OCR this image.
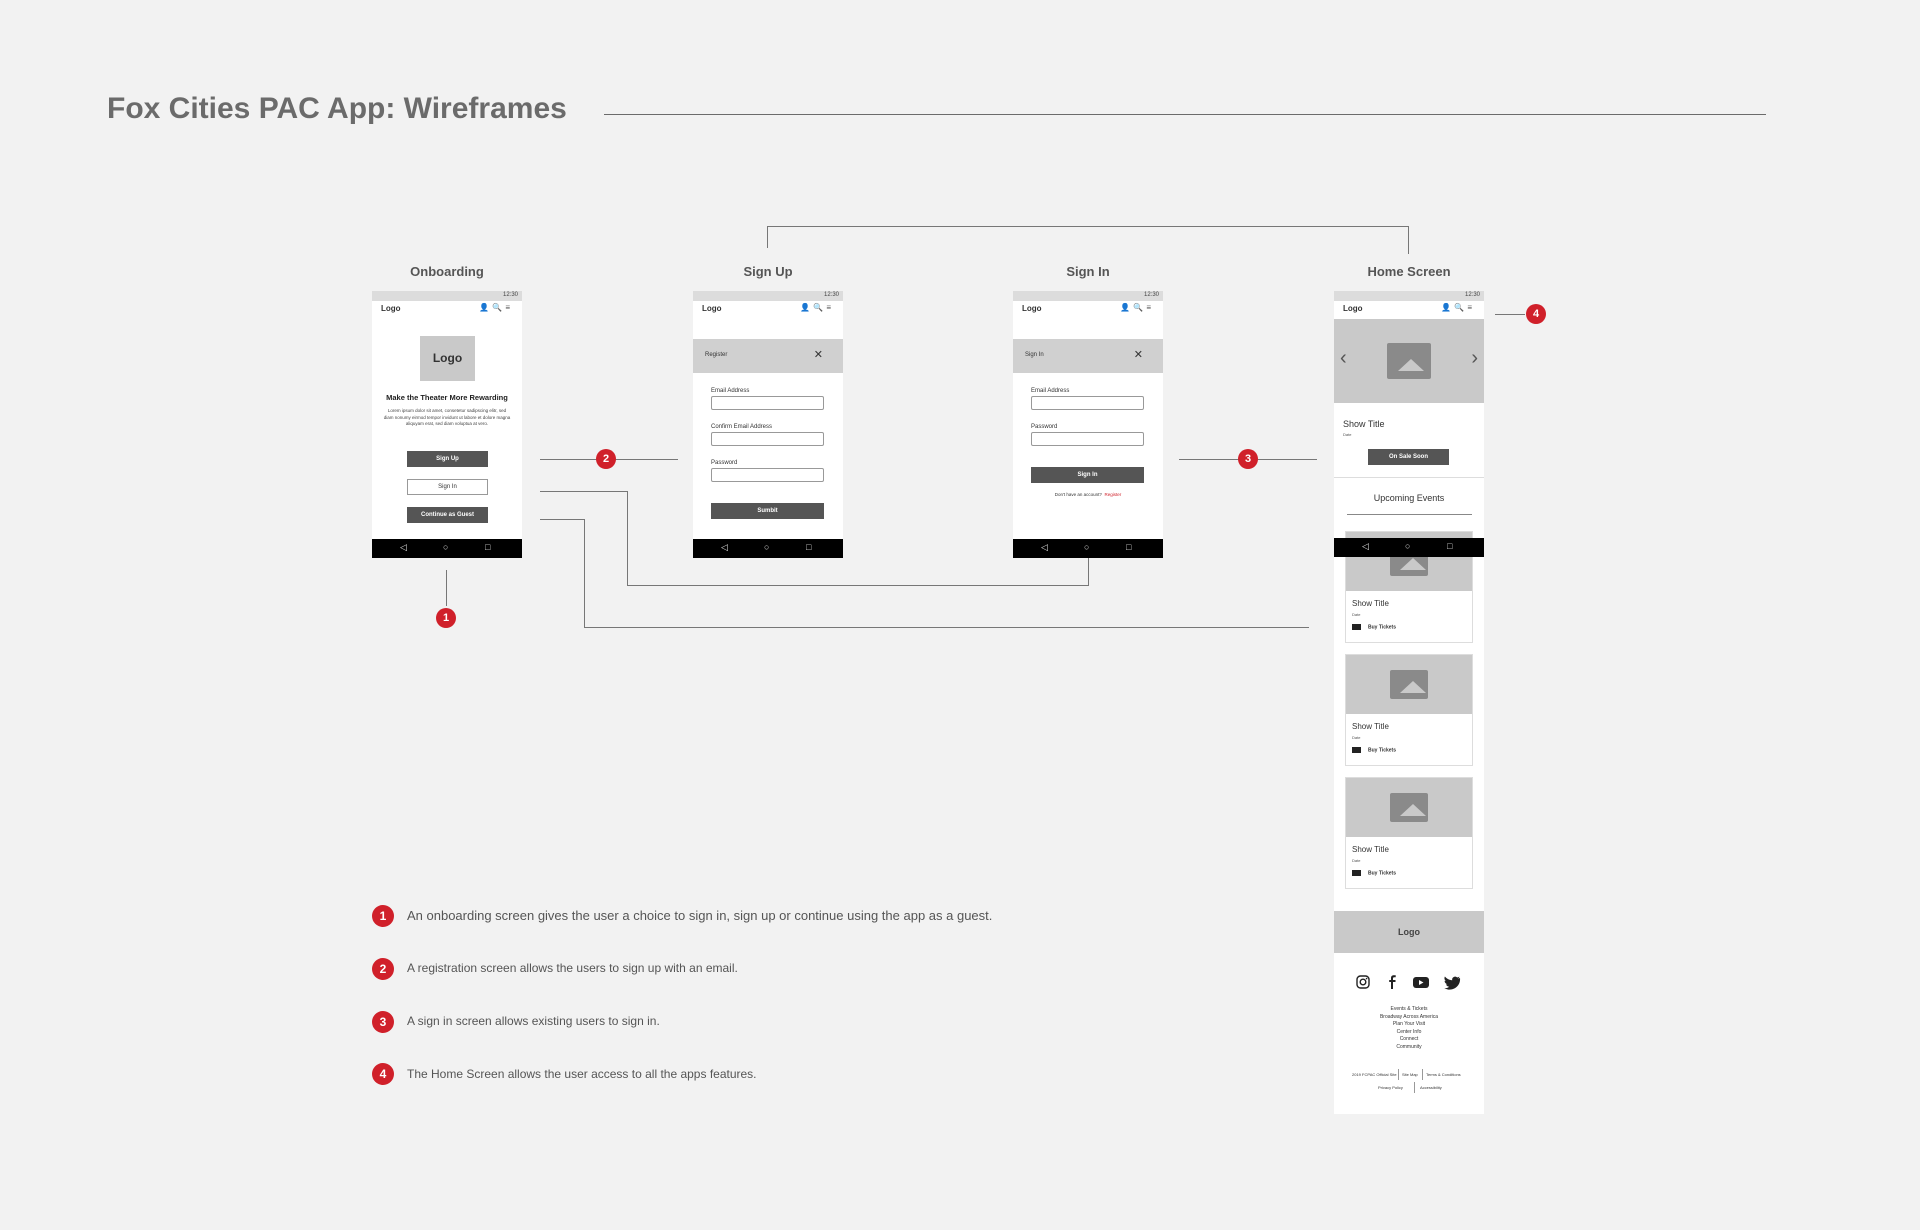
Fox Cities PAC App: Wireframes
Onboarding	Sign Up	Sign In	Home Screen
12:30
Logo	👤🔍≡
Logo
Make the Theater More Rewarding
Lorem ipsum dolor sit amet, consetetur sadipscing elitr, sed diam nonumy eirmod tempor invidunt ut labore et dolore magna aliquyam erat, sed diam voluptua at vero.
Sign Up
Sign In
Continue as Guest
◁	○	□
12:30
Logo	👤🔍≡
Register	✕
Email Address
Confirm Email Address
Password
Sumbit
◁	○	□
12:30
Logo	👤🔍≡
Sign In	✕
Email Address
Password
Sign In
Don't have an account? Register
◁	○	□
12:30
Logo	👤🔍≡
‹	›
Show Title
Date
On Sale Soon
Upcoming Events
Show Title
Date
Buy Tickets
Show Title
Date
Buy Tickets
Show Title
Date
Buy Tickets
◁	○	□
Logo
Events & Tickets
Broadway Across America
Plan Your Visit
Center Info
Connect
Community
2019 FCPAC Official Site Site Map Terms & Conditions
Privacy Policy	Accessibility
1
2	3
4
1	An onboarding screen gives the user a choice to sign in, sign up or continue using the app as a guest.
2	A registration screen allows the users to sign up with an email.
3	A sign in screen allows existing users to sign in.
4	The Home Screen allows the user access to all the apps features.
